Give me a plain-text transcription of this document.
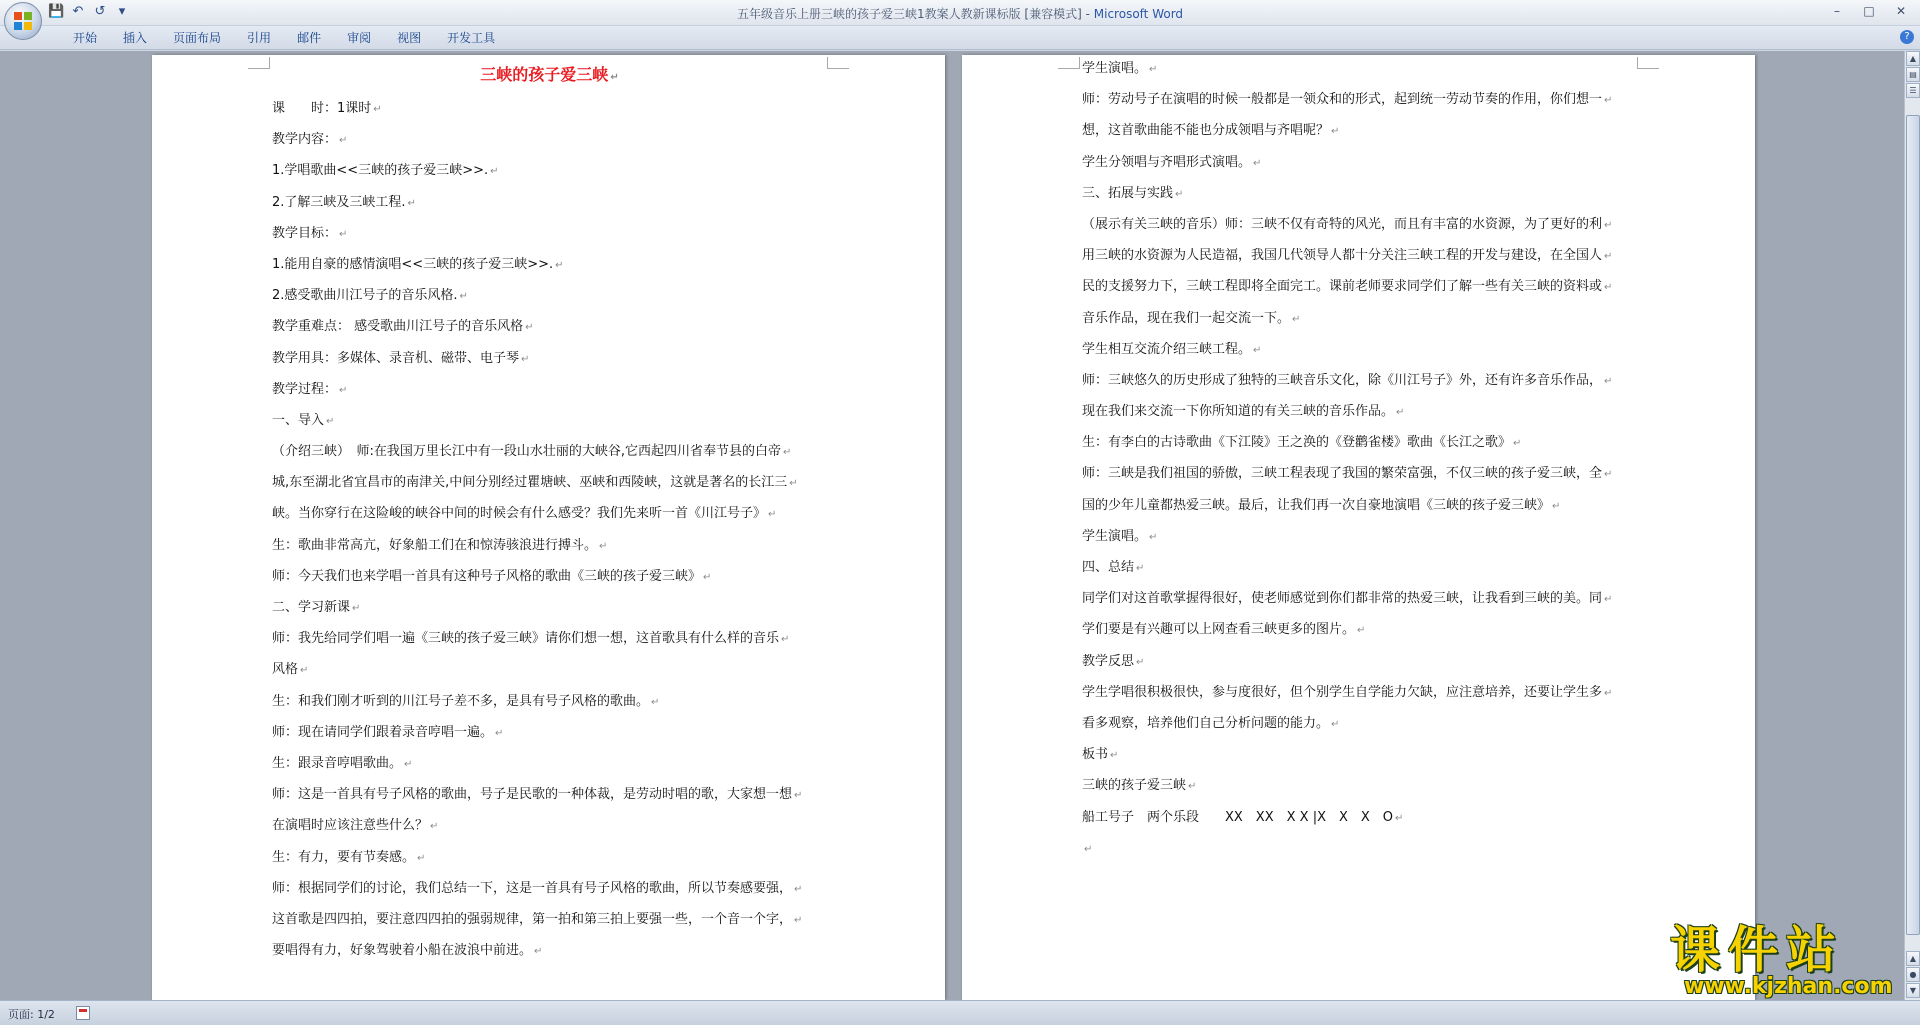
💾 ↶ ↺	▾	五年级音乐上册三峡的孩子爱三峡1教案人教新课标版 [兼容模式] - Microsoft Word	–	□	✕
开始	插入	页面布局	引用	邮件	审阅	视图	开发工具	?
三峡的孩子爱三峡 ↵
课　　时：1课时 ↵
教学内容： ↵
1.学唱歌曲<<三峡的孩子爱三峡>>. ↵
2.了解三峡及三峡工程. ↵
教学目标： ↵
1.能用自豪的感情演唱<<三峡的孩子爱三峡>>. ↵
2.感受歌曲川江号子的音乐风格. ↵
教学重难点： 感受歌曲川江号子的音乐风格 ↵
教学用具：多媒体、录音机、磁带、电子琴 ↵
教学过程： ↵
一、导入 ↵
（介绍三峡）　师:在我国万里长江中有一段山水壮丽的大峡谷,它西起四川省奉节县的白帝 ↵
城,东至湖北省宜昌市的南津关,中间分别经过瞿塘峡、巫峡和西陵峡，这就是著名的长江三 ↵
峡。当你穿行在这险峻的峡谷中间的时候会有什么感受？我们先来听一首《川江号子》 ↵
生：歌曲非常高亢，好象船工们在和惊涛骇浪进行搏斗。 ↵
师：今天我们也来学唱一首具有这种号子风格的歌曲《三峡的孩子爱三峡》 ↵
二、学习新课 ↵
师：我先给同学们唱一遍《三峡的孩子爱三峡》请你们想一想，这首歌具有什么样的音乐 ↵
风格 ↵
生：和我们刚才听到的川江号子差不多，是具有号子风格的歌曲。 ↵
师：现在请同学们跟着录音哼唱一遍。 ↵
生：跟录音哼唱歌曲。 ↵
师：这是一首具有号子风格的歌曲，号子是民歌的一种体裁，是劳动时唱的歌，大家想一想 ↵
在演唱时应该注意些什么？ ↵
生：有力，要有节奏感。 ↵
师：根据同学们的讨论，我们总结一下，这是一首具有号子风格的歌曲，所以节奏感要强， ↵
这首歌是四四拍，要注意四四拍的强弱规律，第一拍和第三拍上要强一些，一个音一个字， ↵
要唱得有力，好象驾驶着小船在波浪中前进。 ↵
学生演唱。 ↵
师：劳动号子在演唱的时候一般都是一领众和的形式，起到统一劳动节奏的作用，你们想一 ↵
想，这首歌曲能不能也分成领唱与齐唱呢？ ↵
学生分领唱与齐唱形式演唱。 ↵
三、拓展与实践 ↵
（展示有关三峡的音乐）师：三峡不仅有奇特的风光，而且有丰富的水资源，为了更好的利 ↵
用三峡的水资源为人民造福，我国几代领导人都十分关注三峡工程的开发与建设，在全国人 ↵
民的支援努力下，三峡工程即将全面完工。课前老师要求同学们了解一些有关三峡的资料或 ↵
音乐作品，现在我们一起交流一下。 ↵
学生相互交流介绍三峡工程。 ↵
师：三峡悠久的历史形成了独特的三峡音乐文化，除《川江号子》外，还有许多音乐作品， ↵
现在我们来交流一下你所知道的有关三峡的音乐作品。 ↵
生：有李白的古诗歌曲《下江陵》王之涣的《登鹳雀楼》歌曲《长江之歌》 ↵
师：三峡是我们祖国的骄傲，三峡工程表现了我国的繁荣富强，不仅三峡的孩子爱三峡，全 ↵
国的少年儿童都热爱三峡。最后，让我们再一次自豪地演唱《三峡的孩子爱三峡》 ↵
学生演唱。 ↵
四、总结 ↵
同学们对这首歌掌握得很好，使老师感觉到你们都非常的热爱三峡，让我看到三峡的美。同 ↵
学们要是有兴趣可以上网查看三峡更多的图片。 ↵
教学反思 ↵
学生学唱很积极很快，参与度很好，但个别学生自学能力欠缺，应注意培养，还要让学生多 ↵
看多观察，培养他们自己分析问题的能力。 ↵
板书 ↵
三峡的孩子爱三峡 ↵
船工号子　两个乐段　　XX　XX　X X |X　X　X　O ↵
↵
▲
▤
☰
▲
●
▼
课件站
www.kjzhan.com
页面: 1/2
